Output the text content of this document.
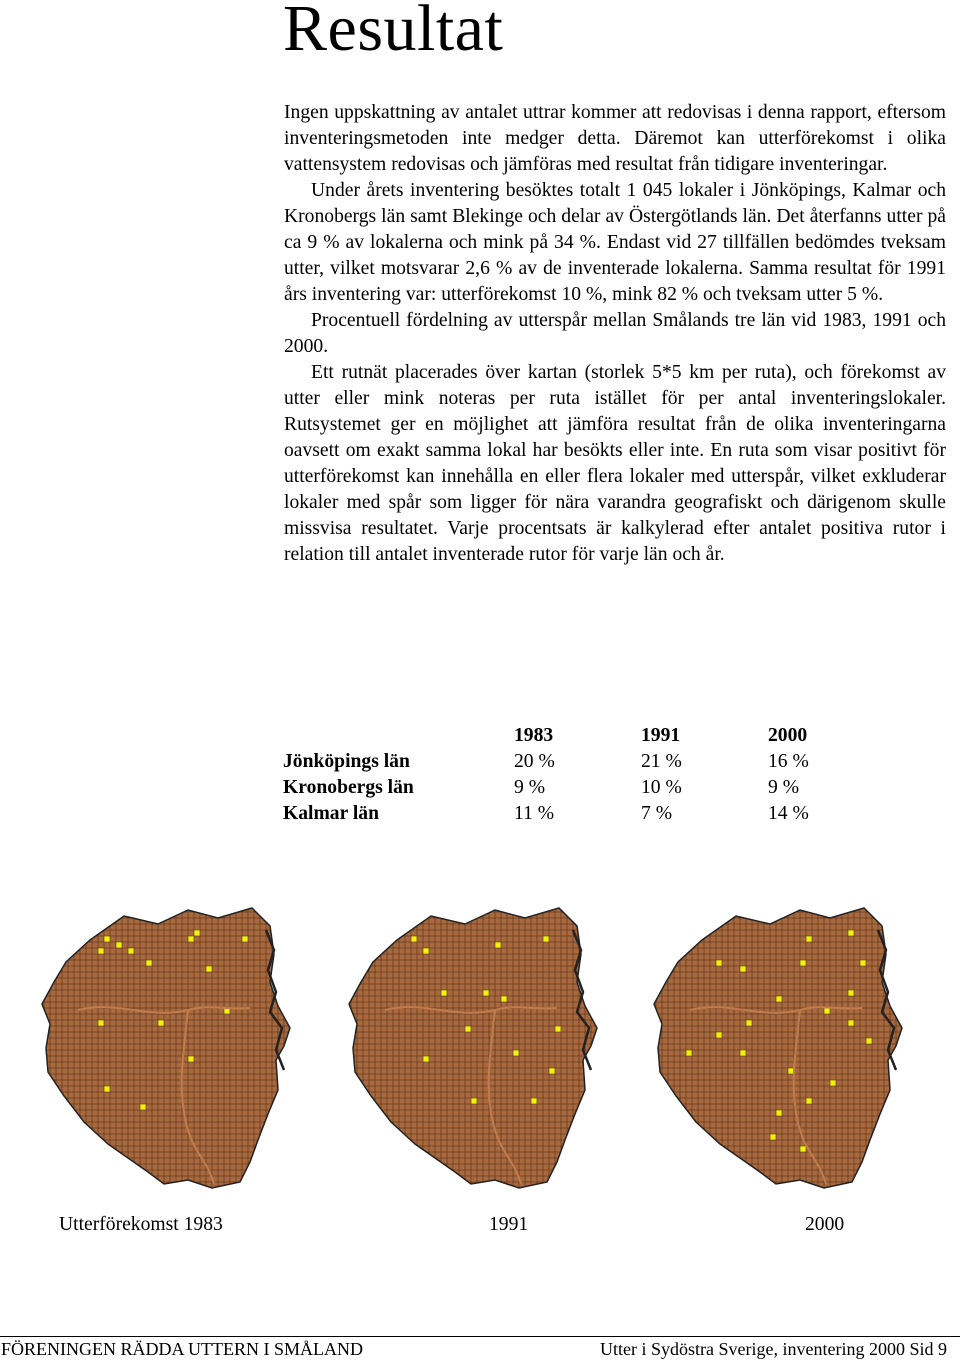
Resultat

Ingen uppskattning av antalet uttrar kommer att redovisas i denna rapport, eftersom inventeringsmetoden inte medger detta. Däremot kan utterförekomst i olika vattensystem redovisas och jämföras med resultat från tidigare inventeringar.

Under årets inventering besöktes totalt 1 045 lokaler i Jönköpings, Kalmar och Kronobergs län samt Blekinge och delar av Östergötlands län. Det återfanns utter på ca 9 % av lokalerna och mink på 34 %. Endast vid 27 tillfällen bedömdes tveksam utter, vilket motsvarar 2,6 % av de inventerade lokalerna. Samma resultat för 1991 års inventering var: utterförekomst 10 %, mink 82 % och tveksam utter 5 %.

Procentuell fördelning av utterspår mellan Smålands tre län vid 1983, 1991 och 2000.

Ett rutnät placerades över kartan (storlek 5*5 km per ruta), och förekomst av utter eller mink noteras per ruta istället för per antal inventeringslokaler. Rutsystemet ger en möjlighet att jämföra resultat från de olika inventeringarna oavsett om exakt samma lokal har besökts eller inte. En ruta som visar positivt för utterförekomst kan innehålla en eller flera lokaler med utterspår, vilket exkluderar lokaler med spår som ligger för nära varandra geografiskt och därigenom skulle missvisa resultatet. Varje procentsats är kalkylerad efter antalet positiva rutor i relation till antalet inventerade rutor för varje län och år.

	1983	1991	2000
Jönköpings län	20 %	21 %	16 %
Kronobergs län	9 %	10 %	9 %
Kalmar län	11 %	7 %	14 %
Utterförekomst 1983	1991	2000
FÖRENINGEN RÄDDA UTTERN I SMÅLAND	Utter i Sydöstra Sverige, inventering 2000 Sid 9
